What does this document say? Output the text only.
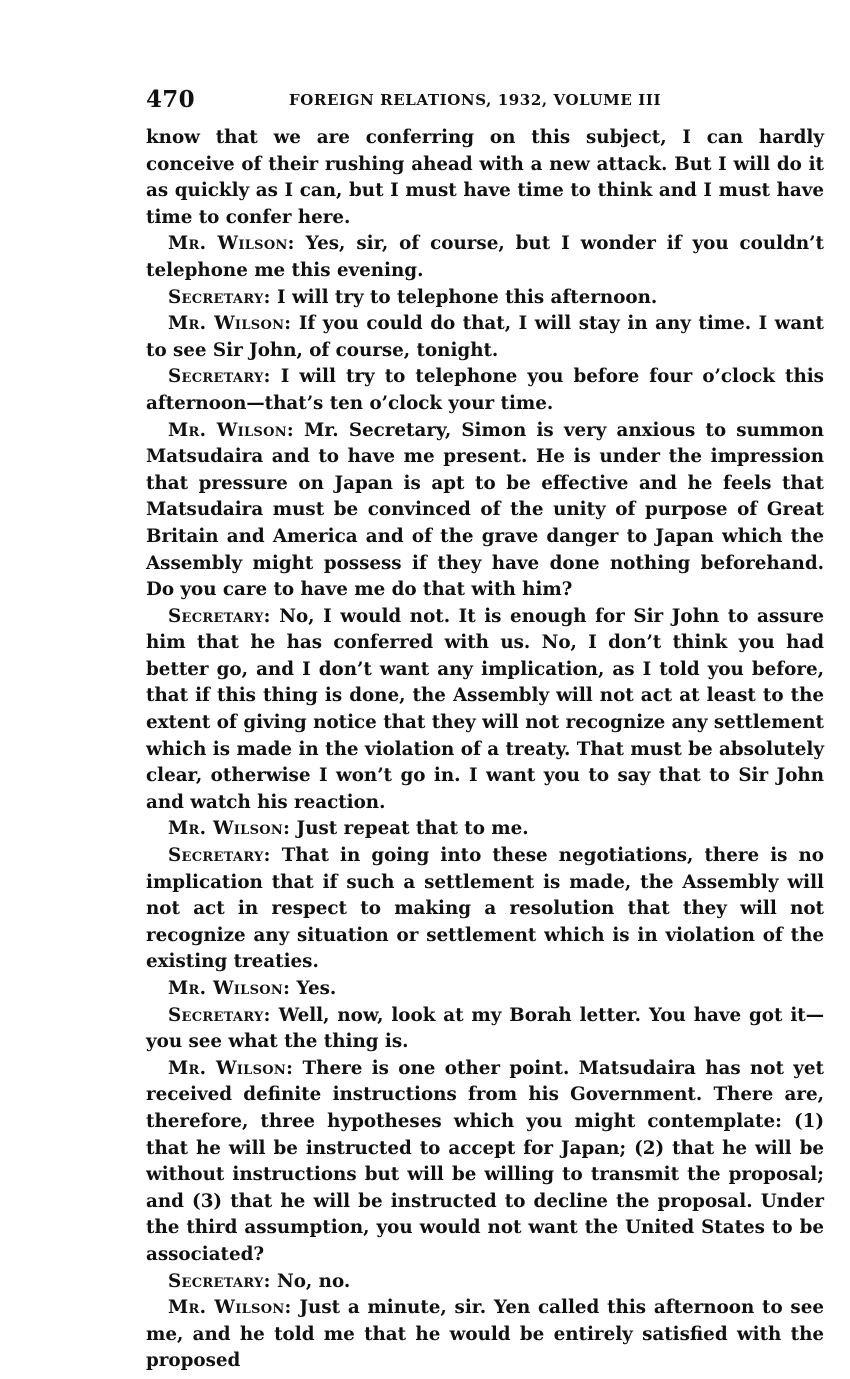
470	FOREIGN RELATIONS, 1932, VOLUME III

know that we are conferring on this subject, I can hardly conceive of their rushing ahead with a new attack. But I will do it as quickly as I can, but I must have time to think and I must have time to confer here.

Mr. Wilson: Yes, sir, of course, but I wonder if you couldn’t telephone me this evening.

Secretary: I will try to telephone this afternoon.

Mr. Wilson: If you could do that, I will stay in any time. I want to see Sir John, of course, tonight.

Secretary: I will try to telephone you before four o’clock this afternoon—that’s ten o’clock your time.

Mr. Wilson: Mr. Secretary, Simon is very anxious to summon Matsudaira and to have me present. He is under the impression that pressure on Japan is apt to be effective and he feels that Matsudaira must be convinced of the unity of purpose of Great Britain and America and of the grave danger to Japan which the Assembly might possess if they have done nothing beforehand. Do you care to have me do that with him?

Secretary: No, I would not. It is enough for Sir John to assure him that he has conferred with us. No, I don’t think you had better go, and I don’t want any implication, as I told you before, that if this thing is done, the Assembly will not act at least to the extent of giving notice that they will not recognize any settlement which is made in the violation of a treaty. That must be absolutely clear, otherwise I won’t go in. I want you to say that to Sir John and watch his reaction.

Mr. Wilson: Just repeat that to me.

Secretary: That in going into these negotiations, there is no implication that if such a settlement is made, the Assembly will not act in respect to making a resolution that they will not recognize any situation or settlement which is in violation of the existing treaties.

Mr. Wilson: Yes.

Secretary: Well, now, look at my Borah letter. You have got it—you see what the thing is.

Mr. Wilson: There is one other point. Matsudaira has not yet received definite instructions from his Government. There are, therefore, three hypotheses which you might contemplate: (1) that he will be instructed to accept for Japan; (2) that he will be without instructions but will be willing to transmit the proposal; and (3) that he will be instructed to decline the proposal. Under the third assumption, you would not want the United States to be associated?

Secretary: No, no.

Mr. Wilson: Just a minute, sir. Yen called this afternoon to see me, and he told me that he would be entirely satisfied with the proposed
